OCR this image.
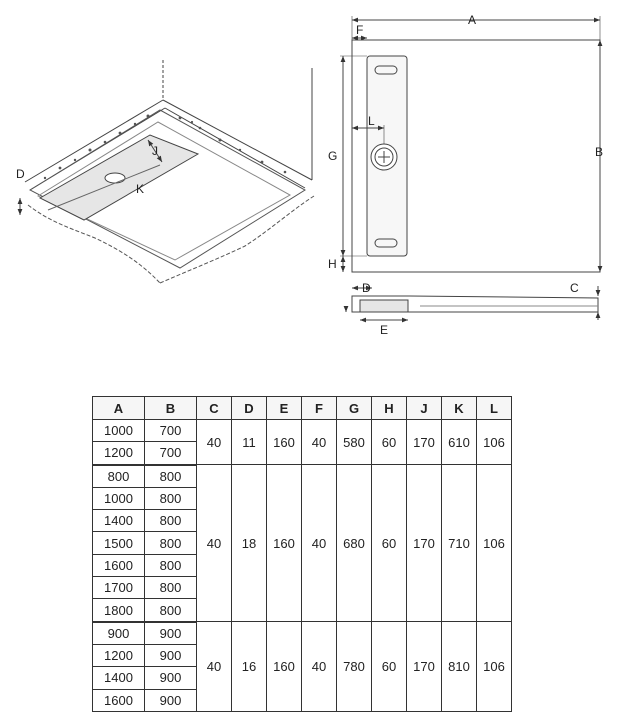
D
J
K
A
F
L
G	B
H
D	C
E
A	B	C	D	E	F	G	H	J	K	L
1000	700	40	11	160	40	580	60	170	610	106
1200	700									
800	800	40	18	160	40	680	60	170	710	106
1000	800									
1400	800									
1500	800									
1600	800									
1700	800									
1800	800									
900	900	40	16	160	40	780	60	170	810	106
1200	900									
1400	900									
1600	900									
